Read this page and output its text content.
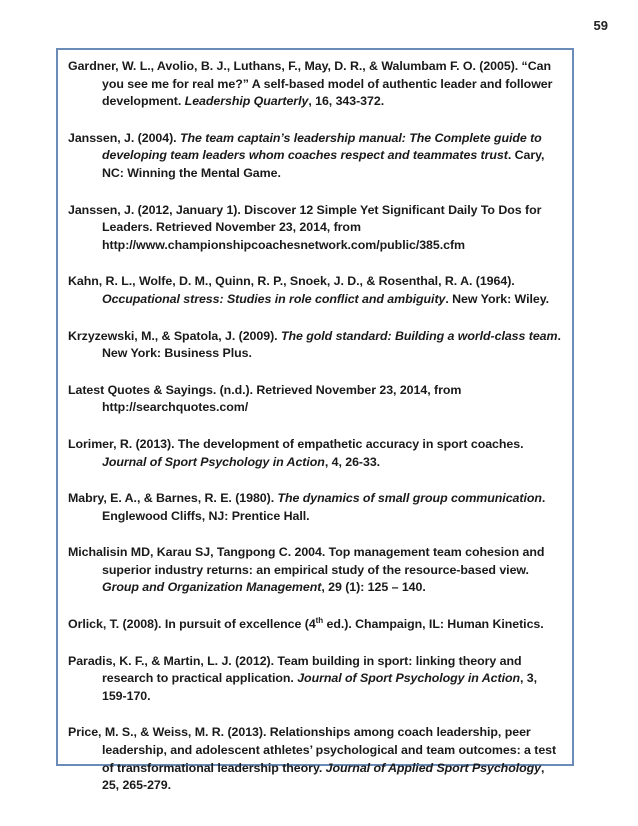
59

Gardner, W. L., Avolio, B. J., Luthans, F., May, D. R., & Walumbam F. O. (2005). “Can you see me for real me?” A self-based model of authentic leader and follower development. Leadership Quarterly, 16, 343-372.

Janssen, J. (2004). The team captain’s leadership manual: The Complete guide to developing team leaders whom coaches respect and teammates trust. Cary, NC: Winning the Mental Game.

Janssen, J. (2012, January 1). Discover 12 Simple Yet Significant Daily To Dos for Leaders. Retrieved November 23, 2014, from http://www.championshipcoachesnetwork.com/public/385.cfm

Kahn, R. L., Wolfe, D. M., Quinn, R. P., Snoek, J. D., & Rosenthal, R. A. (1964). Occupational stress: Studies in role conflict and ambiguity. New York: Wiley.

Krzyzewski, M., & Spatola, J. (2009). The gold standard: Building a world-class team. New York: Business Plus.

Latest Quotes & Sayings. (n.d.). Retrieved November 23, 2014, from http://searchquotes.com/

Lorimer, R. (2013). The development of empathetic accuracy in sport coaches. Journal of Sport Psychology in Action, 4, 26-33.

Mabry, E. A., & Barnes, R. E. (1980). The dynamics of small group communication. Englewood Cliffs, NJ: Prentice Hall.

Michalisin MD, Karau SJ, Tangpong C. 2004. Top management team cohesion and superior industry returns: an empirical study of the resource-based view. Group and Organization Management, 29 (1): 125 – 140.

Orlick, T. (2008). In pursuit of excellence (4th ed.). Champaign, IL: Human Kinetics.

Paradis, K. F., & Martin, L. J. (2012). Team building in sport: linking theory and research to practical application. Journal of Sport Psychology in Action, 3, 159-170.

Price, M. S., & Weiss, M. R. (2013). Relationships among coach leadership, peer leadership, and adolescent athletes’ psychological and team outcomes: a test of transformational leadership theory. Journal of Applied Sport Psychology, 25, 265-279.
